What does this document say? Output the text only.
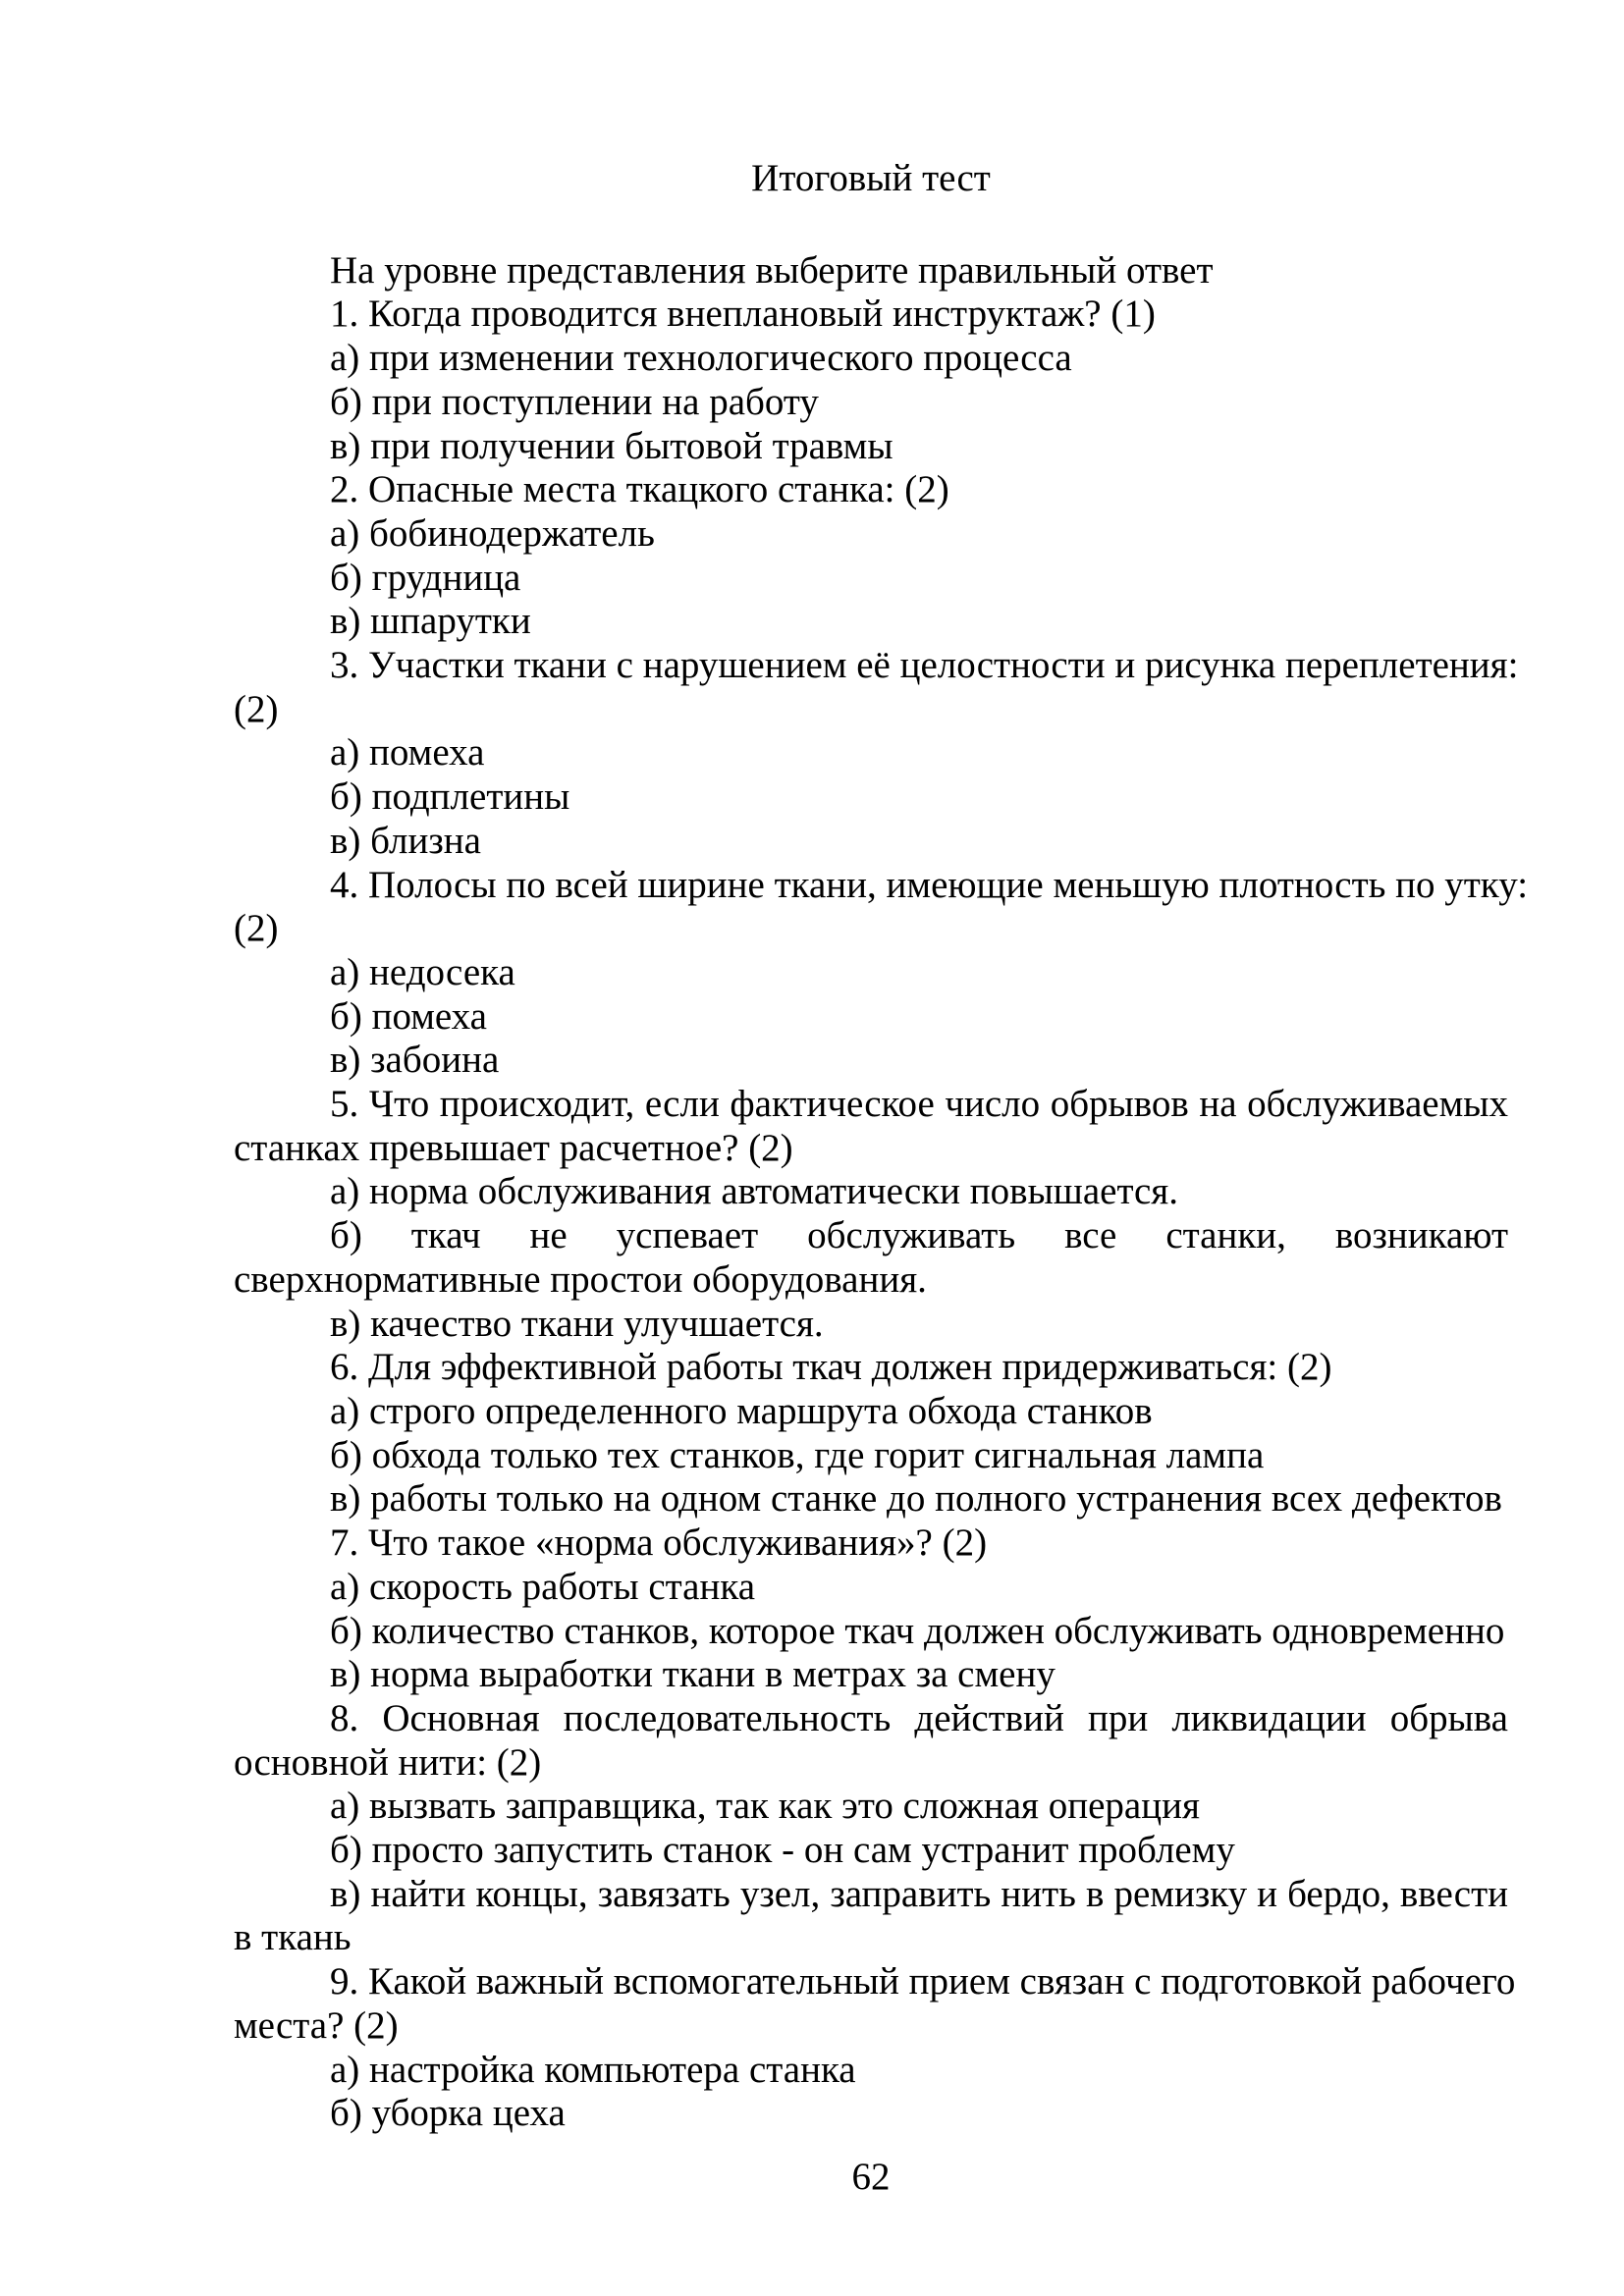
Итоговый тест
На уровне представления выберите правильный ответ
1. Когда проводится внеплановый инструктаж? (1)
а) при изменении технологического процесса
б) при поступлении на работу
в) при получении бытовой травмы
2. Опасные места ткацкого станка: (2)
а) бобинодержатель
б) грудница
в) шпарутки
3. Участки ткани с нарушением её целостности и рисунка переплетения:
(2)
а) помеха
б) подплетины
в) близна
4. Полосы по всей ширине ткани, имеющие меньшую плотность по утку:
(2)
а) недосека
б) помеха
в) забоина
5. Что происходит, если фактическое число обрывов на обслуживаемых
станках превышает расчетное? (2)
а) норма обслуживания автоматически повышается.
б) ткач не успевает обслуживать все станки, возникают
сверхнормативные простои оборудования.
в) качество ткани улучшается.
6. Для эффективной работы ткач должен придерживаться: (2)
а) строго определенного маршрута обхода станков
б) обхода только тех станков, где горит сигнальная лампа
в) работы только на одном станке до полного устранения всех дефектов
7. Что такое «норма обслуживания»? (2)
а) скорость работы станка
б) количество станков, которое ткач должен обслуживать одновременно
в) норма выработки ткани в метрах за смену
8. Основная последовательность действий при ликвидации обрыва
основной нити: (2)
а) вызвать заправщика, так как это сложная операция
б) просто запустить станок - он сам устранит проблему
в) найти концы, завязать узел, заправить нить в ремизку и бердо, ввести
в ткань
9. Какой важный вспомогательный прием связан с подготовкой рабочего
места? (2)
а) настройка компьютера станка
б) уборка цеха
62
